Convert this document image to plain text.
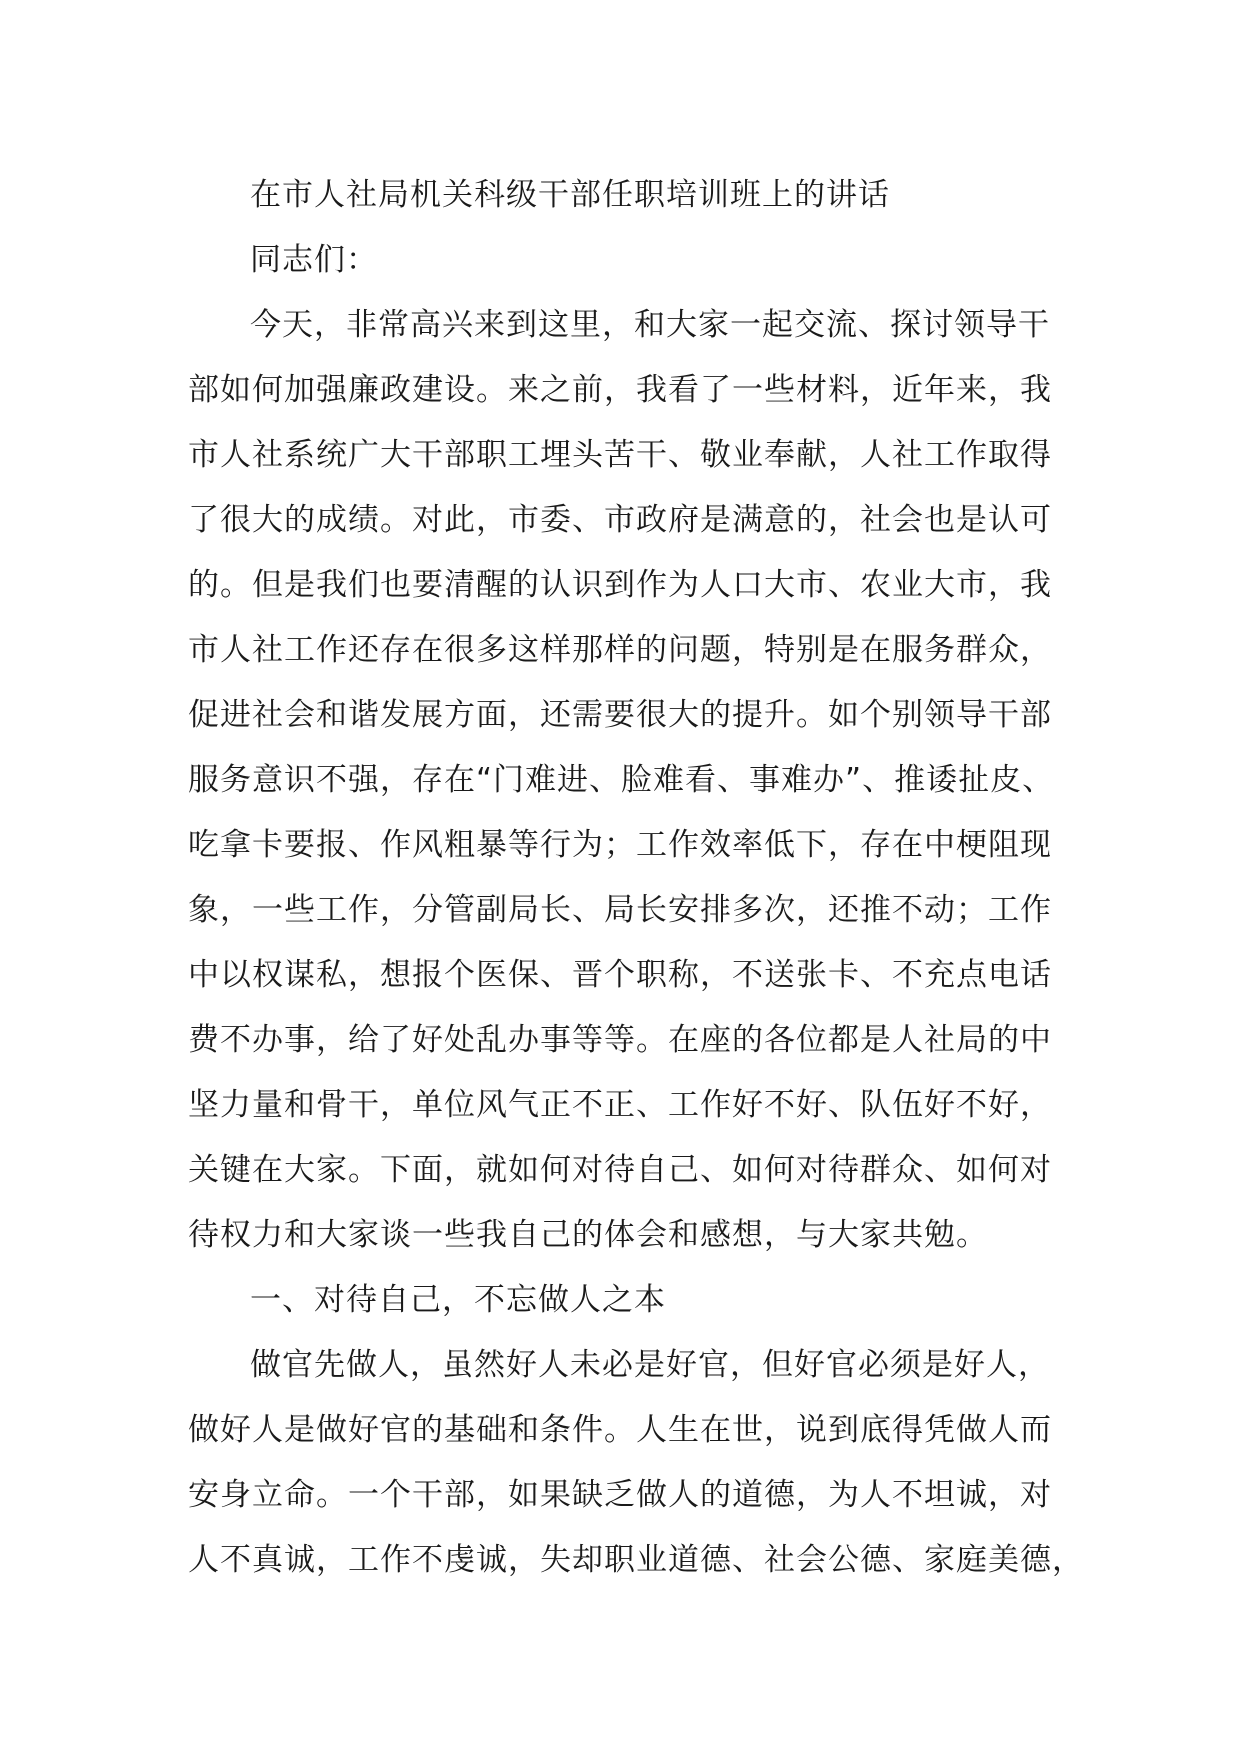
在市人社局机关科级干部任职培训班上的讲话
同志们：
今天，非常高兴来到这里，和大家一起交流、探讨领导干
部如何加强廉政建设。来之前，我看了一些材料，近年来，我
市人社系统广大干部职工埋头苦干、敬业奉献，人社工作取得
了很大的成绩。对此，市委、市政府是满意的，社会也是认可
的。但是我们也要清醒的认识到作为人口大市、农业大市，我
市人社工作还存在很多这样那样的问题，特别是在服务群众，
促进社会和谐发展方面，还需要很大的提升。如个别领导干部
服务意识不强，存在“门难进、脸难看、事难办”、推诿扯皮、
吃拿卡要报、作风粗暴等行为；工作效率低下，存在中梗阻现
象，一些工作，分管副局长、局长安排多次，还推不动；工作
中以权谋私，想报个医保、晋个职称，不送张卡、不充点电话
费不办事，给了好处乱办事等等。在座的各位都是人社局的中
坚力量和骨干，单位风气正不正、工作好不好、队伍好不好，
关键在大家。下面，就如何对待自己、如何对待群众、如何对
待权力和大家谈一些我自己的体会和感想，与大家共勉。
一、对待自己，不忘做人之本
做官先做人，虽然好人未必是好官，但好官必须是好人，
做好人是做好官的基础和条件。人生在世，说到底得凭做人而
安身立命。一个干部，如果缺乏做人的道德，为人不坦诚，对
人不真诚，工作不虔诚，失却职业道德、社会公德、家庭美德，
